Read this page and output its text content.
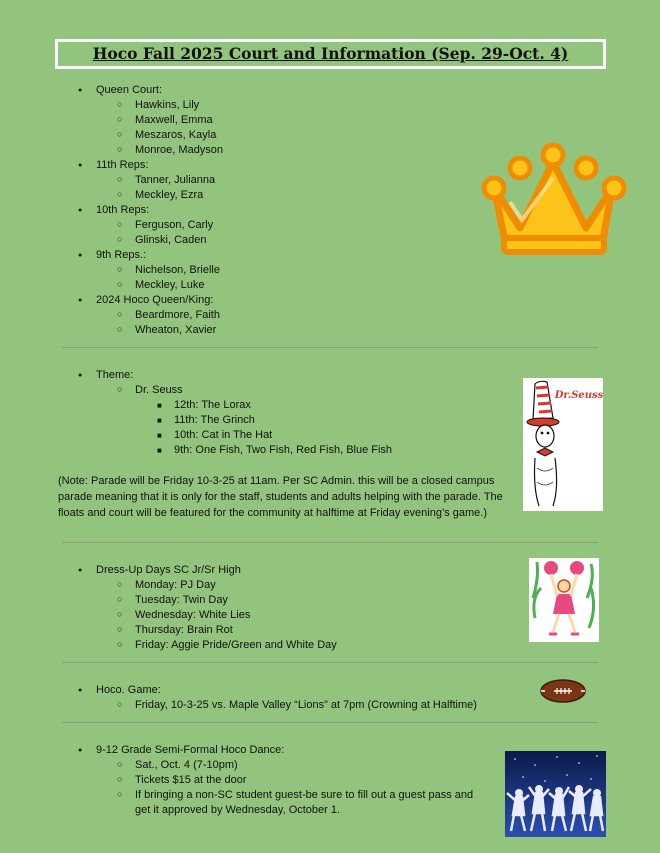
Hoco Fall 2025 Court and Information (Sep. 29-Oct. 4)
● Queen Court:
○ Hawkins, Lily
○ Maxwell, Emma
○ Meszaros, Kayla
○ Monroe, Madyson
● 11th Reps:
○ Tanner, Julianna
○ Meckley, Ezra
● 10th Reps:
○ Ferguson, Carly
○ Glinski, Caden
● 9th Reps.:
○ Nichelson, Brielle
○ Meckley, Luke
● 2024 Hoco Queen/King:
○ Beardmore, Faith
○ Wheaton, Xavier
● Theme:
○ Dr. Seuss
■ 12th: The Lorax
■ 11th: The Grinch
■ 10th: Cat in The Hat
■ 9th: One Fish, Two Fish, Red Fish, Blue Fish
(Note: Parade will be Friday 10-3-25 at 11am. Per SC Admin. this will be a closed campus parade meaning that it is only for the staff, students and adults helping with the parade. The floats and court will be featured for the community at halftime at Friday evening’s game.)
Dr.Seuss
● Dress-Up Days SC Jr/Sr High
○ Monday: PJ Day
○ Tuesday: Twin Day
○ Wednesday: White Lies
○ Thursday: Brain Rot
○ Friday: Aggie Pride/Green and White Day
● Hoco. Game:
○ Friday, 10-3-25 vs. Maple Valley “Lions” at 7pm (Crowning at Halftime)
● 9-12 Grade Semi-Formal Hoco Dance:
○ Sat., Oct. 4 (7-10pm)
○ Tickets $15 at the door
○ If bringing a non-SC student guest-be sure to fill out a guest pass and
get it approved by Wednesday, October 1.
